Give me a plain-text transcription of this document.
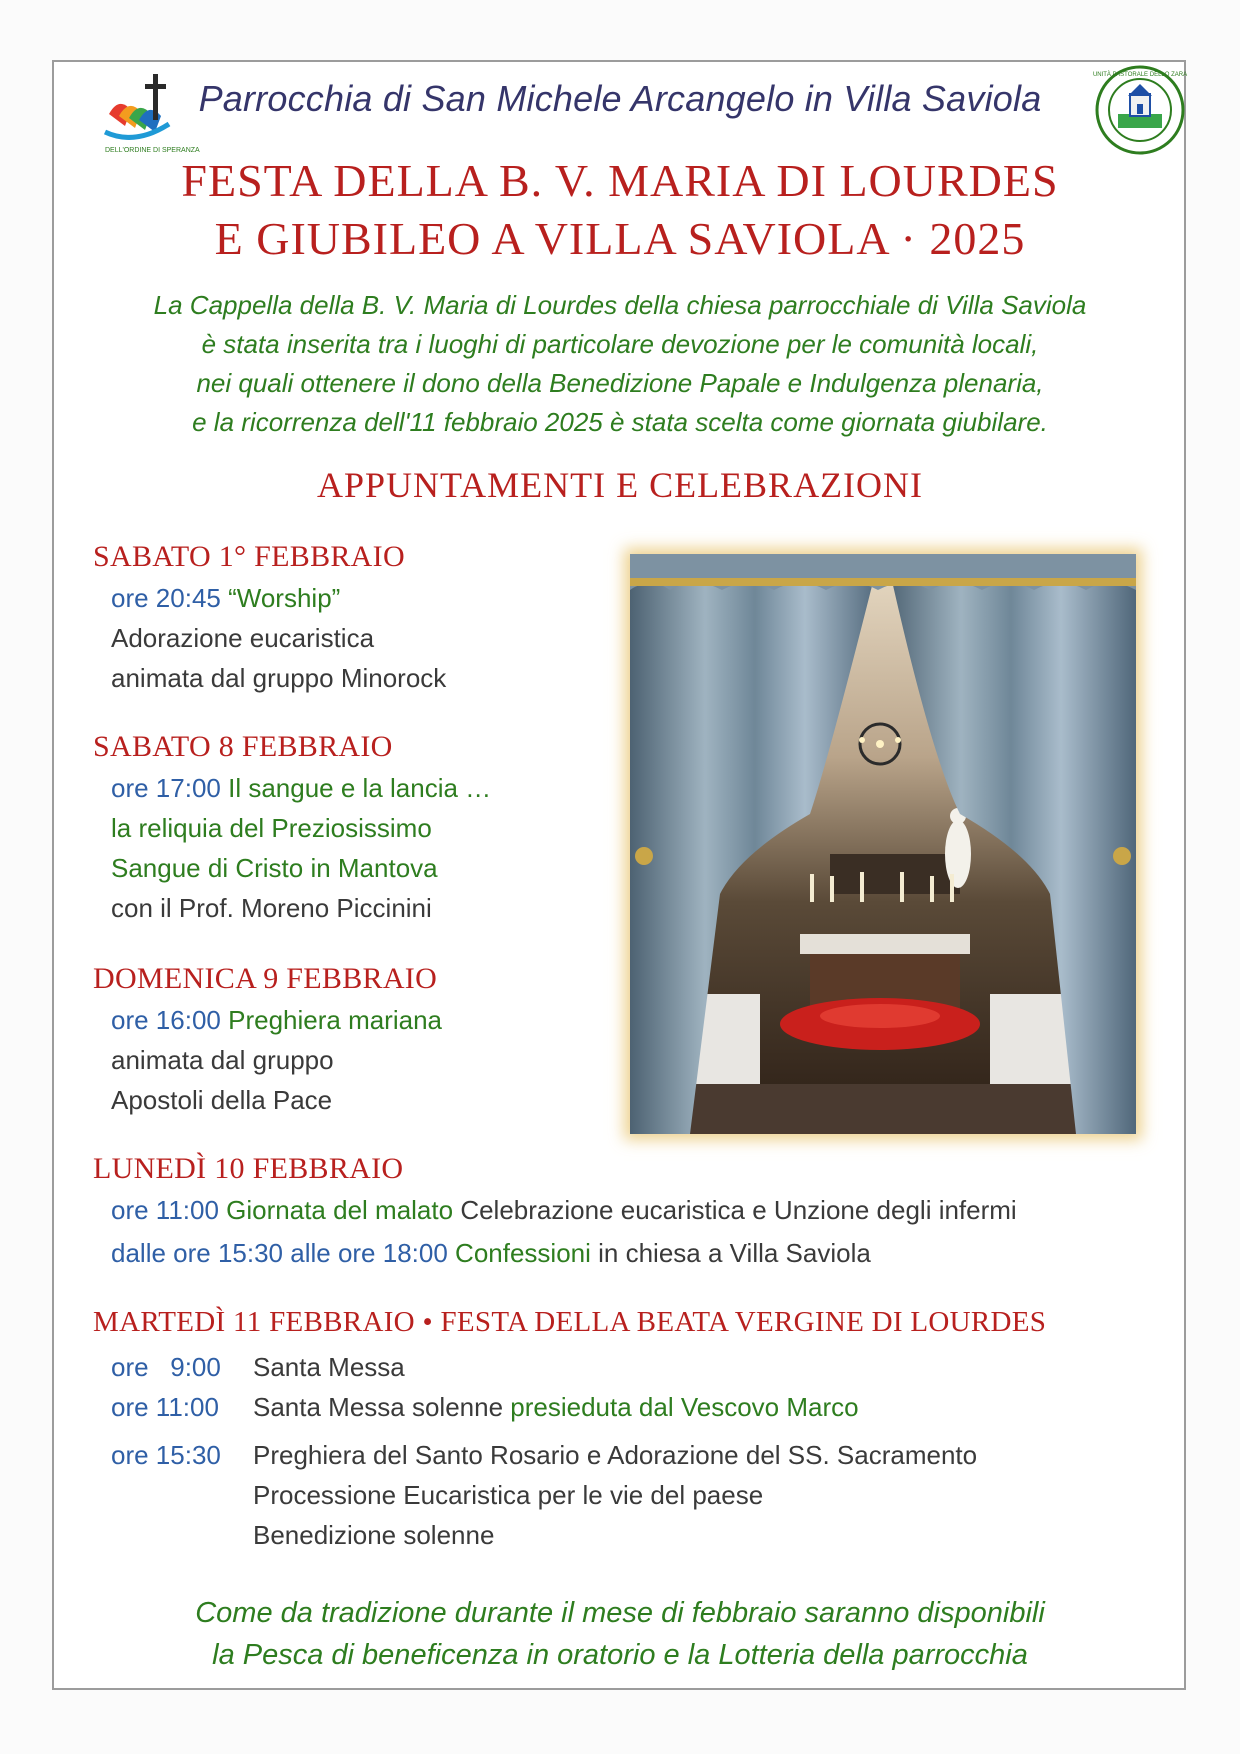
DELL'ORDINE DI SPERANZA
UNITÀ PASTORALE DELLO ZARA
Parrocchia di San Michele Arcangelo in Villa Saviola
FESTA DELLA B. V. MARIA DI LOURDES
E GIUBILEO A VILLA SAVIOLA · 2025
La Cappella della B. V. Maria di Lourdes della chiesa parrocchiale di Villa Saviola
è stata inserita tra i luoghi di particolare devozione per le comunità locali,
nei quali ottenere il dono della Benedizione Papale e Indulgenza plenaria,
e la ricorrenza dell'11 febbraio 2025 è stata scelta come giornata giubilare.
APPUNTAMENTI E CELEBRAZIONI
SABATO 1° FEBBRAIO
ore 20:45 “Worship”
Adorazione eucaristica
animata dal gruppo Minorock
SABATO 8 FEBBRAIO
ore 17:00 Il sangue e la lancia …
la reliquia del Preziosissimo
Sangue di Cristo in Mantova
con il Prof. Moreno Piccinini
DOMENICA 9 FEBBRAIO
ore 16:00 Preghiera mariana
animata dal gruppo
Apostoli della Pace
LUNEDÌ 10 FEBBRAIO
ore 11:00 Giornata del malato Celebrazione eucaristica e Unzione degli infermi
dalle ore 15:30 alle ore 18:00 Confessioni in chiesa a Villa Saviola
MARTEDÌ 11 FEBBRAIO • FESTA DELLA BEATA VERGINE DI LOURDES
ore   9:00 Santa Messa
ore 11:00 Santa Messa solenne presieduta dal Vescovo Marco
ore 15:30 Preghiera del Santo Rosario e Adorazione del SS. Sacramento
Processione Eucaristica per le vie del paese
Benedizione solenne
Come da tradizione durante il mese di febbraio saranno disponibili
la Pesca di beneficenza in oratorio e la Lotteria della parrocchia
